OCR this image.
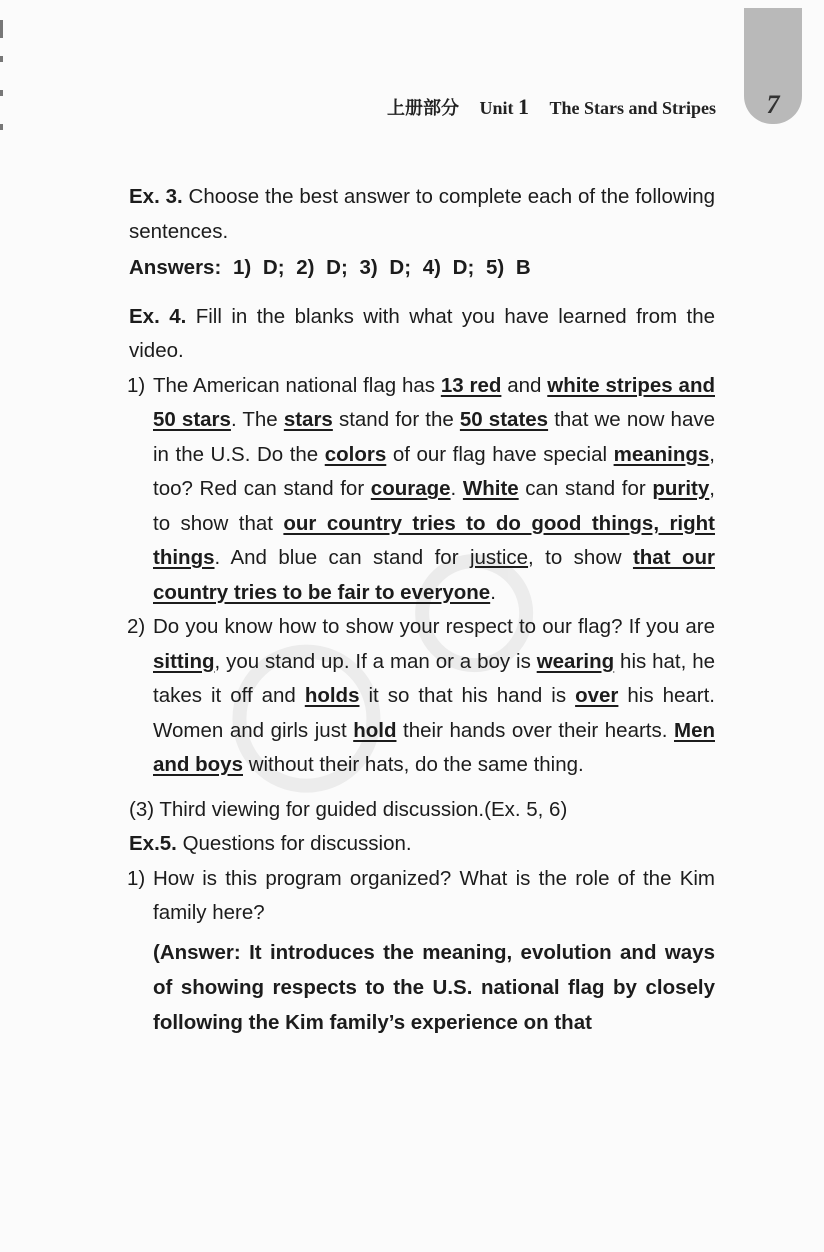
7
上册部分 Unit 1 The Stars and Stripes

Ex. 3. Choose the best answer to complete each of the following sentences.

Answers: 1) D; 2) D; 3) D; 4) D; 5) B

Ex. 4. Fill in the blanks with what you have learned from the video.

1) The American national flag has 13 red and white stripes and 50 stars. The stars stand for the 50 states that we now have in the U.S. Do the colors of our flag have special meanings, too? Red can stand for courage. White can stand for purity, to show that our country tries to do good things, right things. And blue can stand for justice, to show that our country tries to be fair to everyone.
2) Do you know how to show your respect to our flag? If you are sitting, you stand up. If a man or a boy is wearing his hat, he takes it off and holds it so that his hand is over his heart. Women and girls just hold their hands over their hearts. Men and boys without their hats, do the same thing.

(3) Third viewing for guided discussion.(Ex. 5, 6)

Ex.5. Questions for discussion.

1) How is this program organized? What is the role of the Kim family here?

(Answer: It introduces the meaning, evolution and ways of showing respects to the U.S. national flag by closely following the Kim family’s experience on that
